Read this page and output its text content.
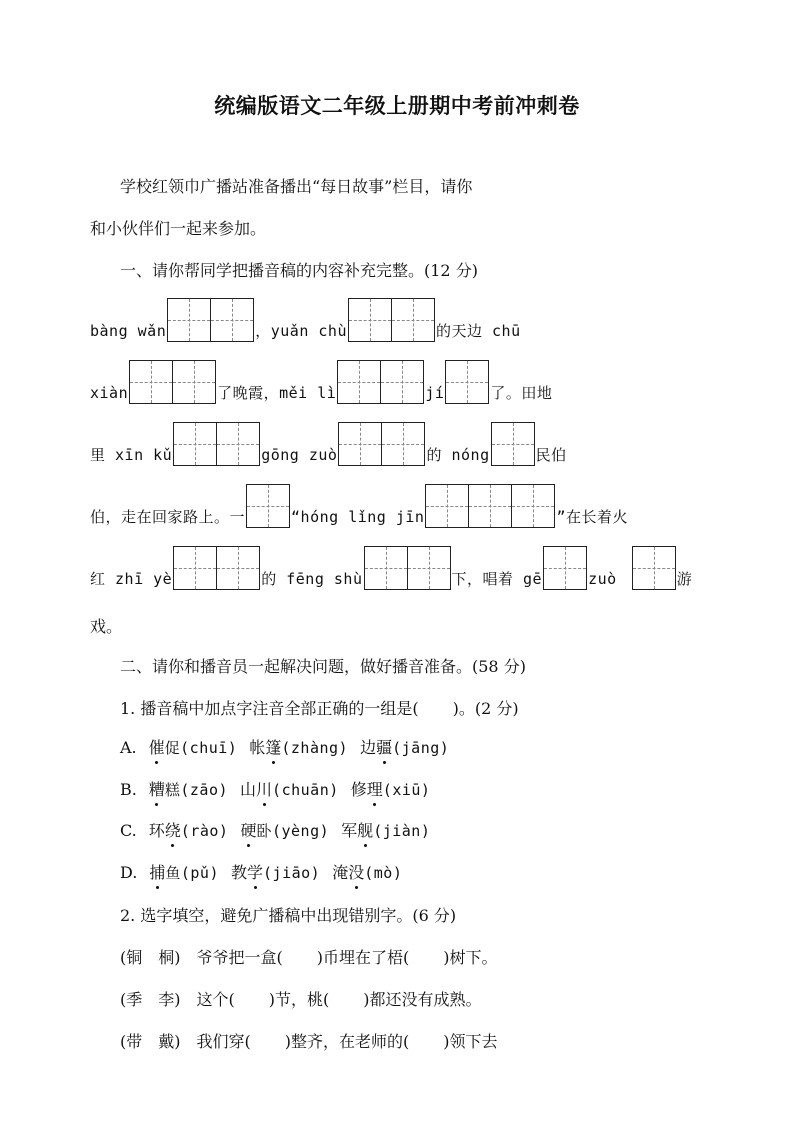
统编版语文二年级上册期中考前冲刺卷
学校红领巾广播站准备播出“每日故事”栏目，请你
和小伙伴们一起来参加。
一、请你帮同学把播音稿的内容补充完整。(12 分)
bàng wǎn	，yuǎn chù	的天边 chū
xiàn	了晚霞，měi lì	jí	了。田地
里 xīn kǔ	gōng zuò	的 nóng	民伯
伯，走在回家路上。一	“hóng lǐng jīn	”在长着火
红 zhī yè	的 fēng shù	下，唱着 gē	zuò	游
戏。
二、请你和播音员一起解决问题，做好播音准备。(58 分)
1. 播音稿中加点字注音全部正确的一组是( )。(2 分)
A. 催促(chuī) 帐篷(zhàng) 边疆(jāng)
B. 糟糕(zāo) 山川(chuān) 修理(xiū)
C. 环绕(rào) 硬卧(yèng) 军舰(jiàn)
D. 捕鱼(pǔ) 教学(jiāo) 淹没(mò)
2. 选字填空，避免广播稿中出现错别字。(6 分)
(铜　桐) 爷爷把一盒( )币埋在了梧( )树下。
(季　李) 这个( )节，桃( )都还没有成熟。
(带　戴) 我们穿( )整齐，在老师的( )领下去
